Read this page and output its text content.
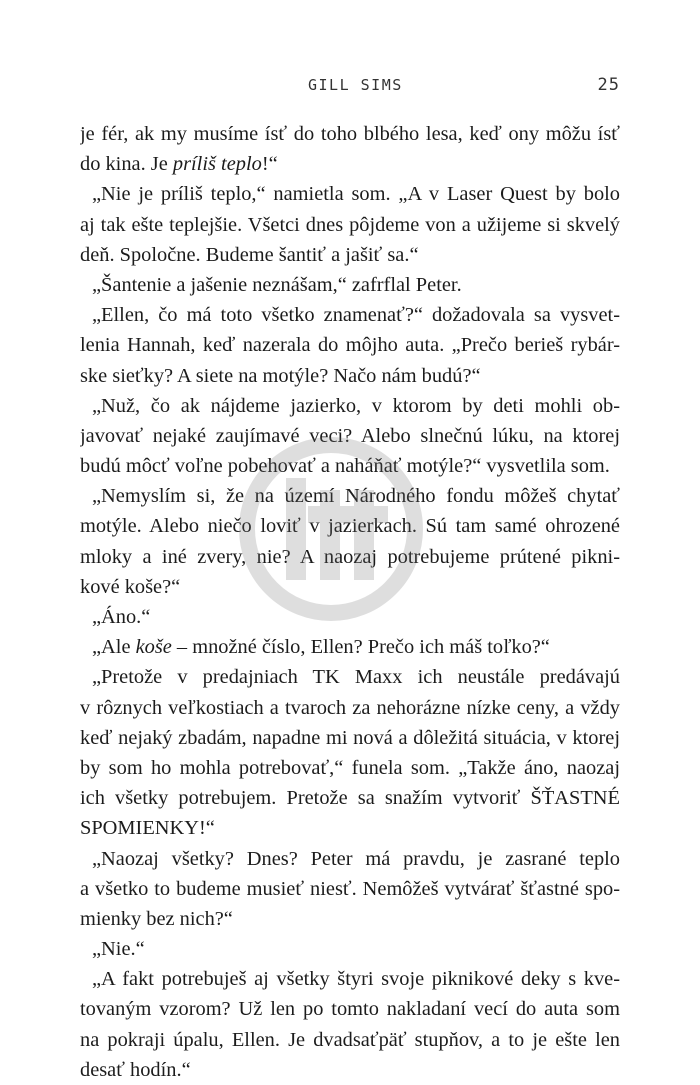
GILL SIMS	25
je fér, ak my musíme ísť do toho blbého lesa, keď ony môžu ísť
do kina. Je príliš teplo!“
„Nie je príliš teplo,“ namietla som. „A v Laser Quest by bolo
aj tak ešte teplejšie. Všetci dnes pôjdeme von a užijeme si skvelý
deň. Spoločne. Budeme šantiť a jašiť sa.“
„Šantenie a jašenie neznášam,“ zafrflal Peter.
„Ellen, čo má toto všetko znamenať?“ dožadovala sa vysvet-
lenia Hannah, keď nazerala do môjho auta. „Prečo berieš rybár-
ske sieťky? A siete na motýle? Načo nám budú?“
„Nuž, čo ak nájdeme jazierko, v ktorom by deti mohli ob-
javovať nejaké zaujímavé veci? Alebo slnečnú lúku, na ktorej
budú môcť voľne pobehovať a naháňať motýle?“ vysvetlila som.
„Nemyslím si, že na území Národného fondu môžeš chytať
motýle. Alebo niečo loviť v jazierkach. Sú tam samé ohrozené
mloky a iné zvery, nie? A naozaj potrebujeme prútené pikni-
kové koše?“
„Áno.“
„Ale koše – množné číslo, Ellen? Prečo ich máš toľko?“
„Pretože v predajniach TK Maxx ich neustále predávajú
v rôznych veľkostiach a tvaroch za nehorázne nízke ceny, a vždy
keď nejaký zbadám, napadne mi nová a dôležitá situácia, v ktorej
by som ho mohla potrebovať,“ funela som. „Takže áno, naozaj
ich všetky potrebujem. Pretože sa snažím vytvoriť ŠŤASTNÉ
SPOMIENKY!“
„Naozaj všetky? Dnes? Peter má pravdu, je zasrané teplo
a všetko to budeme musieť niesť. Nemôžeš vytvárať šťastné spo-
mienky bez nich?“
„Nie.“
„A fakt potrebuješ aj všetky štyri svoje piknikové deky s kve-
tovaným vzorom? Už len po tomto nakladaní vecí do auta som
na pokraji úpalu, Ellen. Je dvadsaťpäť stupňov, a to je ešte len
desať hodín.“
